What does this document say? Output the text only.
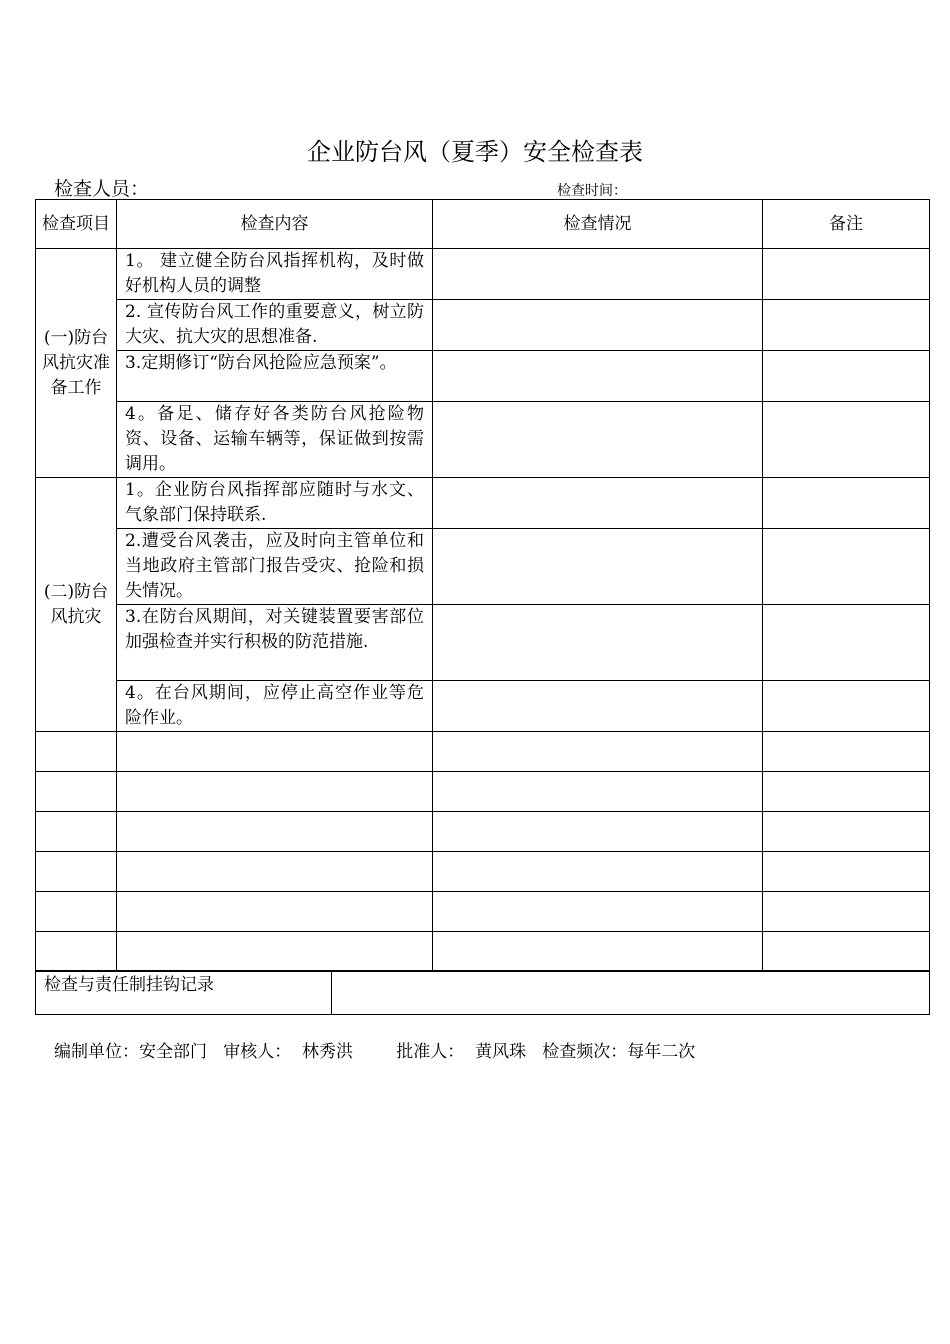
企业防台风（夏季）安全检查表
检查人员：	检查时间：
检查项目	检查内容	检查情况	备注
(一)防台风抗灾准备工作	1。 建立健全防台风指挥机构，及时做好机构人员的调整		
	2. 宣传防台风工作的重要意义，树立防大灾、抗大灾的思想准备.		
	3.定期修订“防台风抢险应急预案”。		
	4。备足、储存好各类防台风抢险物资、设备、运输车辆等，保证做到按需调用。		
(二)防台风抗灾	1。企业防台风指挥部应随时与水文、气象部门保持联系.		
	2.遭受台风袭击，应及时向主管单位和当地政府主管部门报告受灾、抢险和损失情况。		
	3.在防台风期间，对关键装置要害部位加强检查并实行积极的防范措施.		
	4。在台风期间，应停止高空作业等危险作业。		

检查与责任制挂钩记录	
编制单位：安全部门 审核人： 林秀洪	批准人： 黄风珠 检查频次：每年二次
